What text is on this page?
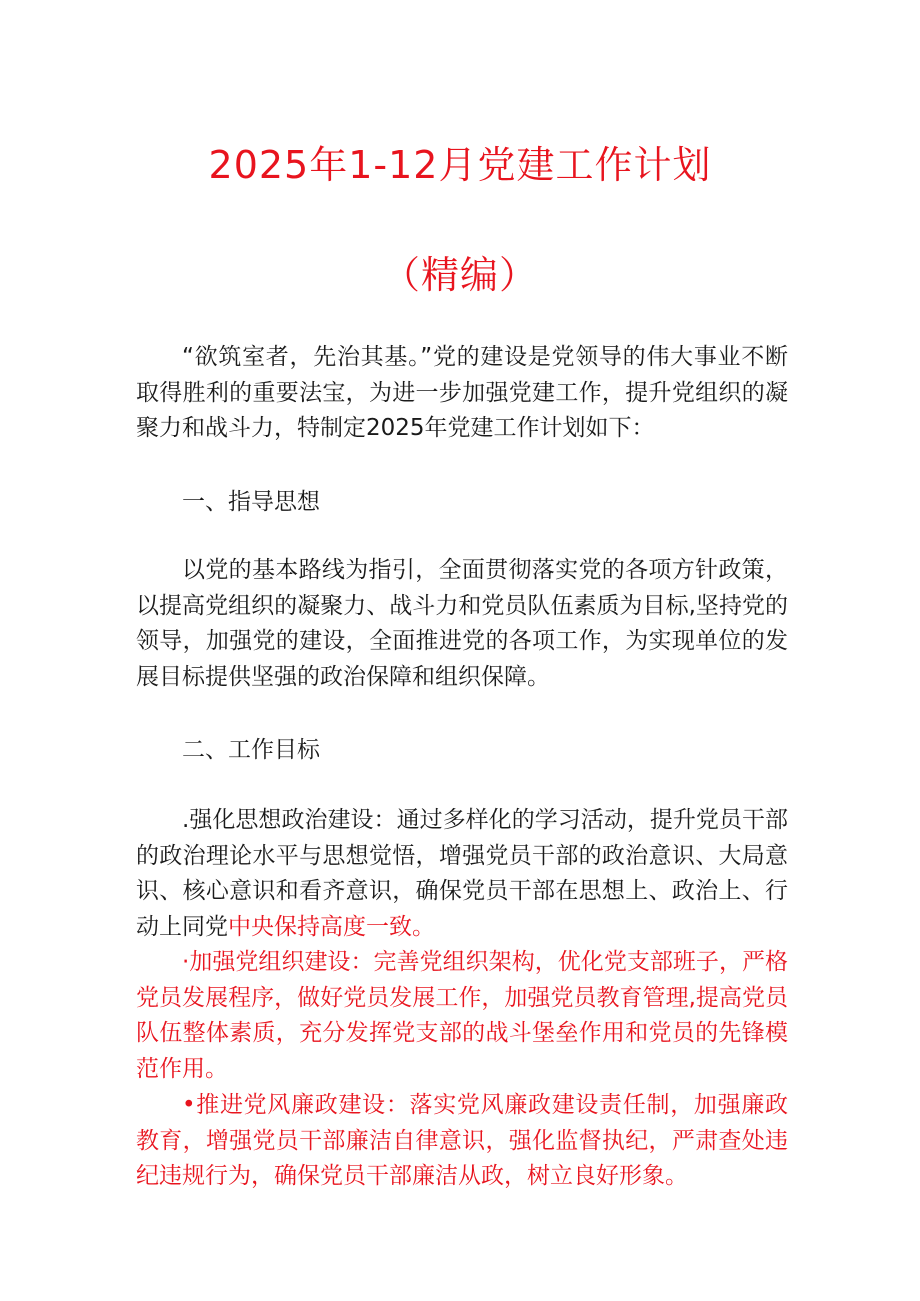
2025年1-12月党建工作计划
（精编）

“欲筑室者，先治其基。”党的建设是党领导的伟大事业不断取得胜利的重要法宝，为进一步加强党建工作，提升党组织的凝聚力和战斗力，特制定2025年党建工作计划如下：

一、指导思想

以党的基本路线为指引，全面贯彻落实党的各项方针政策，以提高党组织的凝聚力、战斗力和党员队伍素质为目标,坚持党的领导，加强党的建设，全面推进党的各项工作，为实现单位的发展目标提供坚强的政治保障和组织保障。

二、工作目标

.强化思想政治建设：通过多样化的学习活动，提升党员干部的政治理论水平与思想觉悟，增强党员干部的政治意识、大局意识、核心意识和看齐意识，确保党员干部在思想上、政治上、行动上同党中央保持高度一致。

·加强党组织建设：完善党组织架构，优化党支部班子，严格党员发展程序，做好党员发展工作，加强党员教育管理,提高党员队伍整体素质，充分发挥党支部的战斗堡垒作用和党员的先锋模范作用。

•推进党风廉政建设：落实党风廉政建设责任制，加强廉政教育，增强党员干部廉洁自律意识，强化监督执纪，严肃查处违纪违规行为，确保党员干部廉洁从政，树立良好形象。
